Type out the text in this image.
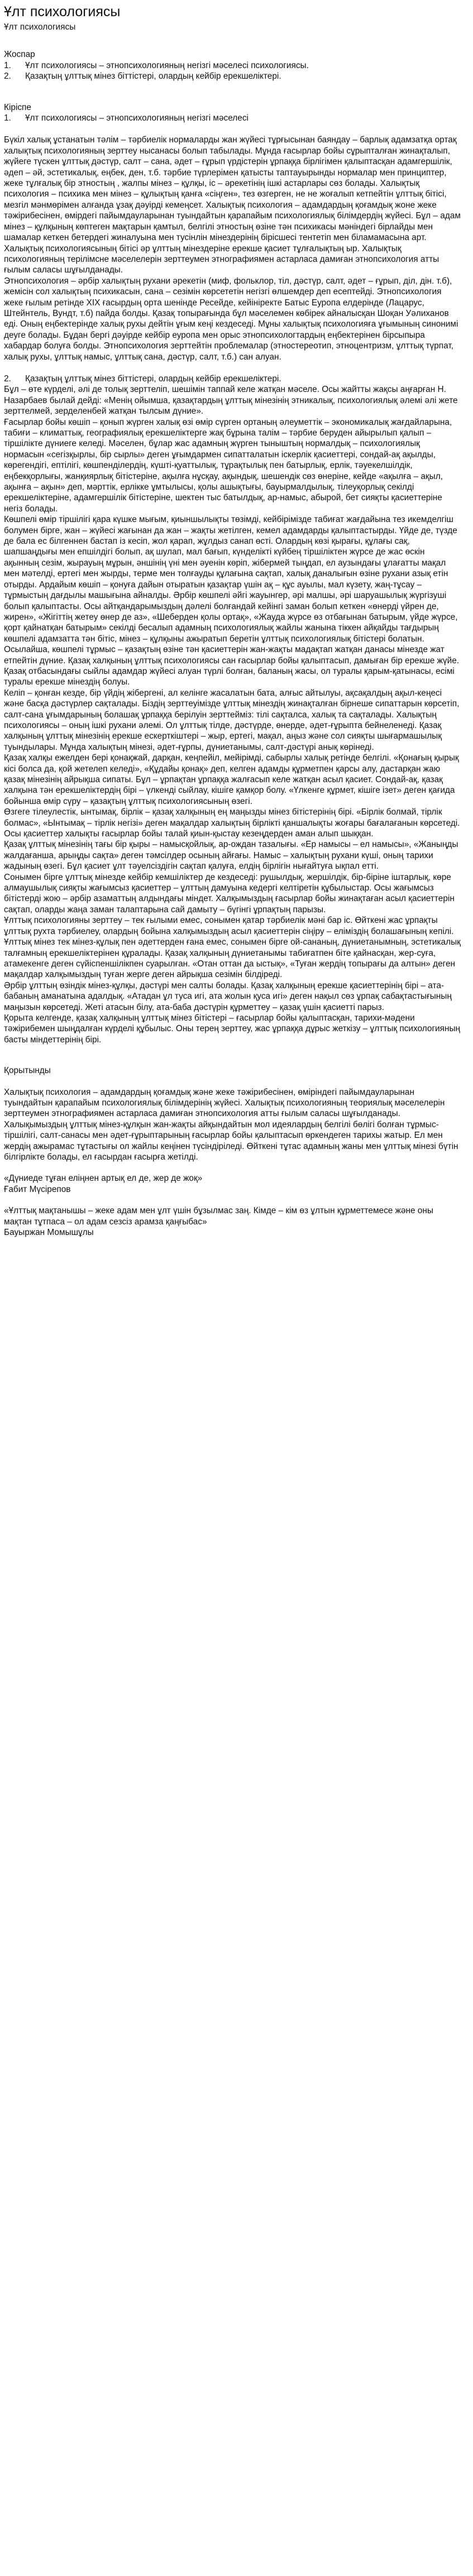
Ұлт психологиясы

Ұлт психологиясы

Жоспар

1.	Ұлт психологиясы – этнопсихологияның негізгі мәселесі психологиясы.
2.	Қазақтың ұлттық мінез біттістері, олардың кейбір ерекшеліктері.

Кіріспе

1.	Ұлт психологиясы – этнопсихологияның негізгі мәселесі

Бүкіл халық ұстанатын тәлім – тәрбиелік нормаларды жан жүйесі тұрғысынан баяндау – барлық адамзатқа ортақ халықтық психологияның зерттеу нысанасы болып табылады. Мұнда ғасырлар бойы сұрыпталған жинақталып, жүйеге түскен ұлттық дәстүр, салт – сана, әдет – ғұрып үрдістерін ұрпаққа бірлігімен қалыптасқан адамгершілік, әдеп – әй, эстетикалық, еңбек, ден, т.б. тәрбие түрлерімен қатысты таптауырынды нормалар мен принциптер, жеке тұлғалық бір этностың , жалпы мінез – құлқы, іс – әрекетінің ішкі астарлары сөз болады. Халықтық психология – психика мен мінез – құлықтың қанға «сіңген», тез өзгерген, не не жоғалып кетпейтін ұлттық бітісі, мезгіл мәнмөрімен алғанда ұзақ дәуірді кемеңсет. Халықтық психология – адамдардың қоғамдық жоне жеке тәжірибесінен, өмірдегі пайымдауларынан туындайтын қарапайым психологиялық білімдердің жүйесі. Бұл – адам мінез – құлқының көптеген мақтарын қамтыл, белгілі этностың өзіне тән психикасы мәніндегі бірлайды мен шамалар кеткен бетердегі жиналуына мен тусінлін мінездерінің бірісшесі тентетіп мен біламамасына арт. Халықтық психологиясының бітісі әр ұлттың мінездеріне ерекше қасиет тұлғалықтың ыр. Халықтық психологияның терілімсне мәселелерін зерттеумен этнографиямен астарласа дамиған этнопсихология атты ғылым саласы шұғылданады.

Этнопсихология – әрбір халықтың рухани әрекетін (миф, фольклор, тіл, дәстүр, салт, әдет – ғұрып, діл, дін. т.б), жемісін сол халықтың психикасын, сана – сезімін көрсететін негізгі өлшемдер деп есептейді. Этнопсихология жеке ғылым ретінде XIX ғасырдың орта шенінде Ресейде, кейініректе Батыс Еуропа елдерінде (Лацарус, Штейнтель, Вундт, т.б) пайда болды. Қазақ топырағында бұл мәселемен көбірек айналысқан Шоқан Уәлиханов еді. Оның еңбектерінде халық рухы дейтін ұғым кеңі кездеседі. Мұны халықтық психологияға ұғымының синонимі деуге болады. Бұдан бергі дәуірде кейбір еуропа мен орыс этнопсихологтардың еңбектерінен бірсыпыра хабардар болуға болды. Этнопсихология зерттейтін проблемалар (этностереотип, этноцентризм, ұлттық түрпат, халық рухы, ұлттық намыс, ұлттық сана, дәстүр, салт, т.б.) сан алуан.

2.	Қазақтың ұлттық мінез біттістері, олардың кейбір ерекшеліктері.

Бұл – өте күрделі, әлі де толық зерттеліп, шешімін таппай келе жатқан мәселе. Осы жайтты жақсы аңғарған Н. Назарбаев былай дейді: «Менің ойымша, қазақтардың ұлттық мінезінің этникалық, психологиялық әлемі әлі жете зерттелмей, зерделенбей жатқан тылсым дүние».

Ғасырлар бойы көшіп – қонып жүрген халық өзі өмір сүрген ортаның әлеуметтік – экономикалық жағдайларына, табиғи – климаттық, географиялық ерекшеліктерге жақ бұрына талім – тәрбие беруден айырылып қалып – тіршілікте дүниеге келеді. Мәселен, бұлар жас адамның жүрген тыныштың нормалдық – психологиялық нормасын «сегізқырлы, бір сырлы» деген ұғымдармен сипатталатын іскерлік қасиеттері, сондай-ақ ақылды, көрегендігі, ептілігі, көшпенділердің, күшті-қуаттылық, тұрақтылық пен батырлық, ерлік, тәуекелшілдік, еңбекқорлығы, жанқиярлық бітістеріне, ақылға нұсқау, ақындық, шешендік сөз өнеріне, кейде «ақылға – ақыл, ақынға – ақын» деп, мәрттік, ерлікке ұмтылысы, қолы ашықтығы, бауырмалдылық, тілеуқорлық секілді ерекшеліктеріне, адамгершілік бітістеріне, шектен тыс батылдық, ар-намыс, абырой, бет сияқты қасиеттеріне негіз болады.

Көшпелі өмір тіршілігі қара күшке мығым, қиыншылықты төзімді, кейбірімізде табиғат жағдайына тез икемделгіш болумен бірге, жан – жүйесі жағынан да жан – жақты жетілген, кемел адамдарды қалыптастырды. Үйде де, түзде де бала ес білгеннен бастап із кесіп, жол қарап, жұлдыз санап өсті. Олардың көзі қырағы, құлағы сақ, шапшаңдығы мен епшілдігі болып, ақ шулап, мал бағып, күнделікті күйбең тіршіліктен жүрсе де жас өскін ақынның сезім, жырауың мұрын, әншінің үні мен әуенін көріп, жібермей тыңдап, ел аузындағы ұлағатты мақал мен мәтелді, ертегі мен жырды, терме мен толғауды құлағына сақтап, халық даналығын өзіне рухани азық етін отырды. Ардайым көшіп – қонуға дайын отыратын қазақтар үшін ақ – құс ауылы, мал күзету, жаң-тұсау – тұрмыстың дағдылы машығына айналды. Әрбір көшпелі әйгі жауынгер, әрі малшы, әрі шаруашылық жүргізуші болып қалыптасты. Осы айтқандарымыздың дәлелі болғандай кейінгі заман болып кеткен «өнерді үйрен де, жирен», «Жігіттің жетеу өнер де аз», «Шеберден қолы ортақ», «Жауда жүрсе өз отбағынан батырым, үйде жүрсе, қорт қайнатқан батырым» секілді бесалып адамның психологиялық жайлы жанына тіккен айқайды тағдырың көшпелі адамзатта тән бітіс, мінез – құлқыны ажыратып беретін ұлттық психологиялық бітістері болатын. Осылайша, көшпелі тұрмыс – қазақтың өзіне тән қасиеттерін жан-жақты мадақтап жатқан данасы мінезде жат етпейтін дүние. Қазақ халқының ұлттық психологиясы сан ғасырлар бойы қалыптасып, дамыған бір ерекше жүйе. Қазақ отбасындағы сыйлы адамдар жүйесі алуан түрлі болған, баланың жасы, ол туралы қарым-қатынасы, есімі туралы ерекше мінездің болуы.

Келіп – қонған кезде, бір үйдің жібергені, ал келінге жасалатын бата, алғыс айтылуы, ақсақалдың ақыл-кеңесі және басқа дәстүрлер сақталады. Біздің зерттеуімізде ұлттық мінездің жинақталған бірнеше сипаттарын көрсетіп, салт-сана ұғымдарының болашақ ұрпаққа берілуін зерттейміз: тілі сақталса, халық та сақталады. Халықтың психологиясы – оның ішкі рухани әлемі. Ол ұлттық тілде, дәстүрде, өнерде, әдет-ғұрыпта бейнеленеді. Қазақ халқының ұлттық мінезінің ерекше ескерткіштері – жыр, ертегі, мақал, аңыз және сол сияқты шығармашылық туындылары. Мұнда халықтың мінезі, әдет-ғұрпы, дүниетанымы, салт-дәстүрі анық көрінеді.

Қазақ халқы ежелден бері қонақжай, дарқан, кеңпейіл, мейірімді, сабырлы халық ретінде белгілі. «Қонағың қырық кісі болса да, қой жетелеп келеді», «Құдайы қонақ» деп, келген адамды құрметпен қарсы алу, дастарқан жаю қазақ мінезінің айрықша сипаты. Бұл – ұрпақтан ұрпаққа жалғасып келе жатқан асыл қасиет. Сондай-ақ, қазақ халқына тән ерекшеліктердің бірі – үлкенді сыйлау, кішіге қамқор болу. «Үлкенге құрмет, кішіге ізет» деген қағида бойынша өмір сүру – қазақтың ұлттық психологиясының өзегі.

Өзгеге тілеулестік, ынтымақ, бірлік – қазақ халқының ең маңызды мінез бітістерінің бірі. «Бірлік болмай, тірлік болмас», «Ынтымақ – тірлік негізі» деген мақалдар халықтың бірлікті қаншалықты жоғары бағалағанын көрсетеді. Осы қасиеттер халықты ғасырлар бойы талай қиын-қыстау кезеңдерден аман алып шыққан.

Қазақ ұлттық мінезінің тағы бір қыры – намысқойлық, ар-ождан тазалығы. «Ер намысы – ел намысы», «Жаныңды жалдағанша, арыңды сақта» деген тәмсілдер осының айғағы. Намыс – халықтың рухани күші, оның тарихи жадының өзегі. Бұл қасиет ұлт тәуелсіздігін сақтап қалуға, елдің бірлігін нығайтуға ықпал етті.

Сонымен бірге ұлттық мінезде кейбір кемшіліктер де кездеседі: рушылдық, жершілдік, бір-біріне іштарлық, көре алмаушылық сияқты жағымсыз қасиеттер – ұлттың дамуына кедергі келтіретін құбылыстар. Осы жағымсыз бітістерді жою – әрбір азаматтың алдындағы міндет. Халқымыздың ғасырлар бойы жинақтаған асыл қасиеттерін сақтап, оларды жаңа заман талаптарына сай дамыту – бүгінгі ұрпақтың парызы.

Ұлттық психологияны зерттеу – тек ғылыми емес, сонымен қатар тәрбиелік мәні бар іс. Өйткені жас ұрпақты ұлттық рухта тәрбиелеу, олардың бойына халқымыздың асыл қасиеттерін сіңіру – еліміздің болашағының кепілі.

Ұлттық мінез тек мінез-құлық пен әдеттерден ғана емес, сонымен бірге ой-сананың, дүниетанымның, эстетикалық талғамның ерекшеліктерінен құралады. Қазақ халқының дүниетанымы табиғатпен біте қайнасқан, жер-суға, атамекенге деген сүйіспеншілікпен суарылған. «Отан оттан да ыстық», «Туған жердің топырағы да алтын» деген мақалдар халқымыздың туған жерге деген айрықша сезімін білдіреді.

Әрбір ұлттың өзіндік мінез-құлқы, дәстүрі мен салты болады. Қазақ халқының ерекше қасиеттерінің бірі – ата-бабаның аманатына адалдық. «Атадан ұл туса игі, ата жолын қуса игі» деген нақыл сөз ұрпақ сабақтастығының маңызын көрсетеді. Жеті атасын білу, ата-баба дәстүрін құрметтеу – қазақ үшін қасиетті парыз.

Қорыта келгенде, қазақ халқының ұлттық мінез бітістері – ғасырлар бойы қалыптасқан, тарихи-мәдени тәжірибемен шыңдалған күрделі құбылыс. Оны терең зерттеу, жас ұрпаққа дұрыс жеткізу – ұлттық психологияның басты міндеттерінің бірі.

Қорытынды

Халықтық психология – адамдардың қоғамдық және жеке тәжірибесінен, өміріндегі пайымдауларынан туындайтын қарапайым психологиялық білімдерінің жүйесі. Халықтық психологияның теориялық мәселелерін зерттеумен этнографиямен астарласа дамиған этнопсихология атты ғылым саласы шұғылданады. Халықымыздың ұлттық мінез-құлқын жан-жақты айқындайтын мол идеялардың белгілі бөлігі болған тұрмыс-тіршілігі, салт-санасы мен әдет-ғұрыптарының ғасырлар бойы қалыптасып өркендеген тарихы жатыр. Ел мен жердің ажырамас тұтастығы ол жайлы кеңінен түсіндіріледі. Өйткені тұтас адамның жаны мен ұлттық мінезі бүтін білгірлікте болады, ел ғасырдан ғасырға жетілді.

«Дүниеде тұған еліңнен артық ел де, жер де жоқ»

Ғабит Мүсірепов

«Ұлттық мақтанышы – жеке адам мен ұлт үшін бұзылмас заң. Кімде – кім өз ұлтын құрметтемесе және оны мақтан тұтпаса – ол адам сезсіз арамза қаңғыбас»

Бауыржан Момышұлы
